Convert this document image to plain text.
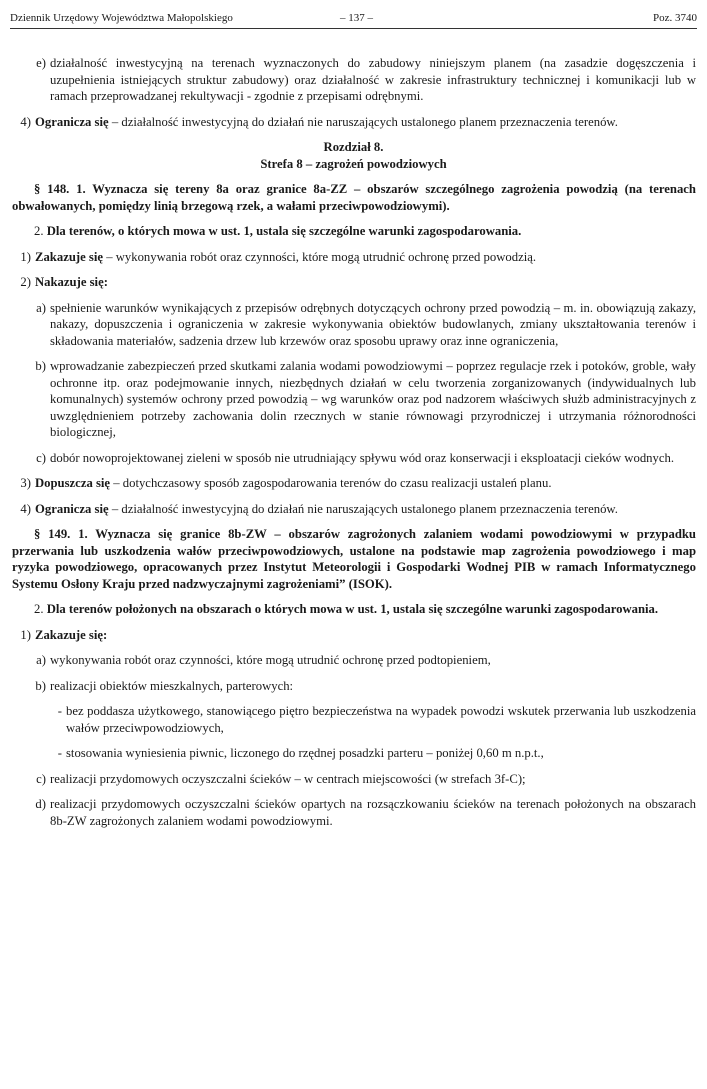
Dziennik Urzędowy Województwa Małopolskiego	– 137 –	Poz. 3740
e) działalność inwestycyjną na terenach wyznaczonych do zabudowy niniejszym planem (na zasadzie dogęszczenia i uzupełnienia istniejących struktur zabudowy) oraz działalność w zakresie infrastruktury technicznej i komunikacji lub w ramach przeprowadzanej rekultywacji - zgodnie z przepisami odrębnymi.
4) Ogranicza się – działalność inwestycyjną do działań nie naruszających ustalonego planem przeznaczenia terenów.
Rozdział 8.
Strefa 8 – zagrożeń powodziowych
§ 148. 1. Wyznacza się tereny 8a oraz granice 8a-ZZ – obszarów szczególnego zagrożenia powodzią (na terenach obwałowanych, pomiędzy linią brzegową rzek, a wałami przeciwpowodziowymi).
2. Dla terenów, o których mowa w ust. 1, ustala się szczególne warunki zagospodarowania.
1) Zakazuje się – wykonywania robót oraz czynności, które mogą utrudnić ochronę przed powodzią.
2) Nakazuje się:
a) spełnienie warunków wynikających z przepisów odrębnych dotyczących ochrony przed powodzią – m. in. obowiązują zakazy, nakazy, dopuszczenia i ograniczenia w zakresie wykonywania obiektów budowlanych, zmiany ukształtowania terenów i składowania materiałów, sadzenia drzew lub krzewów oraz sposobu uprawy oraz inne ograniczenia,
b) wprowadzanie zabezpieczeń przed skutkami zalania wodami powodziowymi – poprzez regulacje rzek i potoków, groble, wały ochronne itp. oraz podejmowanie innych, niezbędnych działań w celu tworzenia zorganizowanych (indywidualnych lub komunalnych) systemów ochrony przed powodzią – wg warunków oraz pod nadzorem właściwych służb administracyjnych z uwzględnieniem potrzeby zachowania dolin rzecznych w stanie równowagi przyrodniczej i utrzymania różnorodności biologicznej,
c) dobór nowoprojektowanej zieleni w sposób nie utrudniający spływu wód oraz konserwacji i eksploatacji cieków wodnych.
3) Dopuszcza się – dotychczasowy sposób zagospodarowania terenów do czasu realizacji ustaleń planu.
4) Ogranicza się – działalność inwestycyjną do działań nie naruszających ustalonego planem przeznaczenia terenów.
§ 149. 1. Wyznacza się granice 8b-ZW – obszarów zagrożonych zalaniem wodami powodziowymi w przypadku przerwania lub uszkodzenia wałów przeciwpowodziowych, ustalone na podstawie map zagrożenia powodziowego i map ryzyka powodziowego, opracowanych przez Instytut Meteorologii i Gospodarki Wodnej PIB w ramach Informatycznego Systemu Osłony Kraju przed nadzwyczajnymi zagrożeniami” (ISOK).
2. Dla terenów położonych na obszarach o których mowa w ust. 1, ustala się szczególne warunki zagospodarowania.
1) Zakazuje się:
a) wykonywania robót oraz czynności, które mogą utrudnić ochronę przed podtopieniem,
b) realizacji obiektów mieszkalnych, parterowych:
- bez poddasza użytkowego, stanowiącego piętro bezpieczeństwa na wypadek powodzi wskutek przerwania lub uszkodzenia wałów przeciwpowodziowych,
- stosowania wyniesienia piwnic, liczonego do rzędnej posadzki parteru – poniżej 0,60 m n.p.t.,
c) realizacji przydomowych oczyszczalni ścieków – w centrach miejscowości (w strefach 3f-C);
d) realizacji przydomowych oczyszczalni ścieków opartych na rozsączkowaniu ścieków na terenach położonych na obszarach 8b-ZW zagrożonych zalaniem wodami powodziowymi.
